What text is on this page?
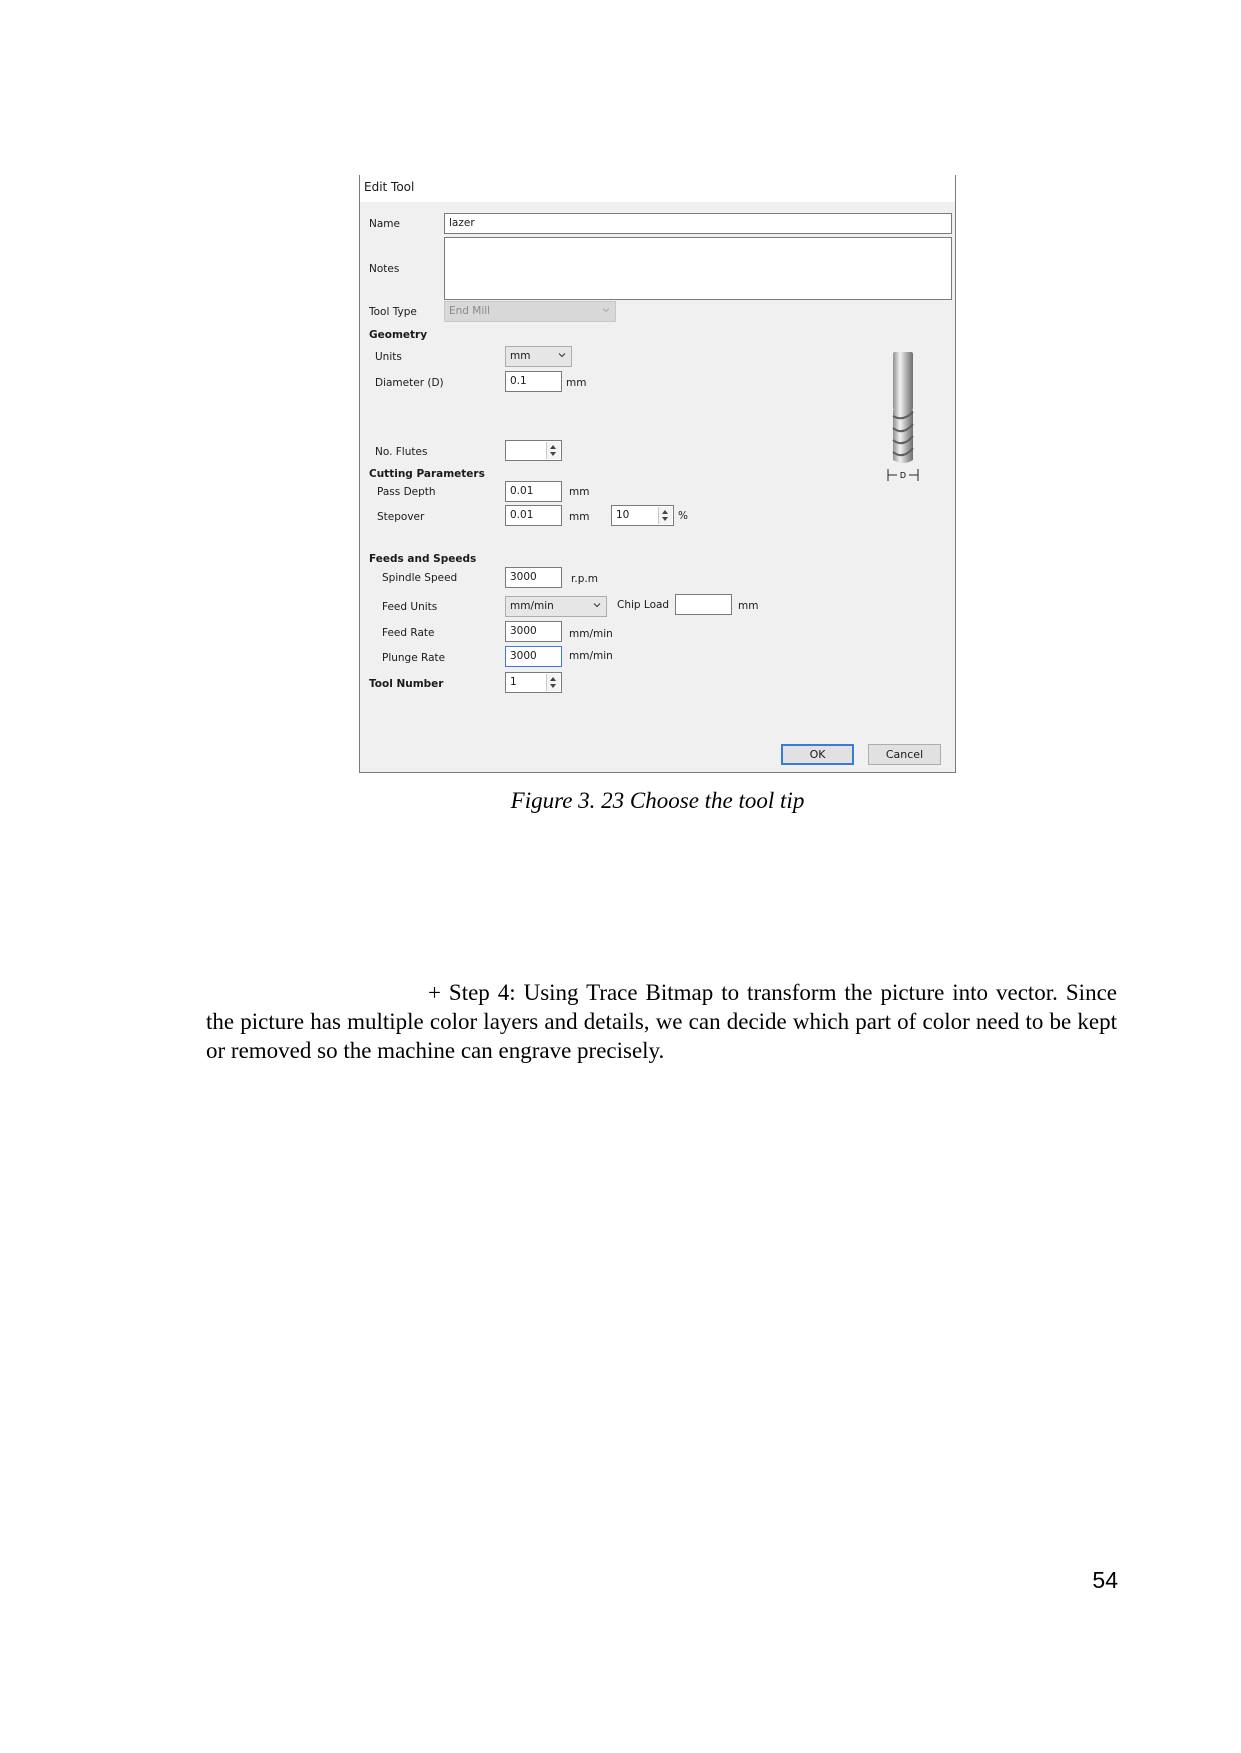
Edit Tool
Name	lazer
Notes
Tool Type	End Mill
Geometry
Units	mm
Diameter (D)	0.1	mm
D
No. Flutes
Cutting Parameters
Pass Depth	0.01	mm
Stepover	0.01	mm	10	%
Feeds and Speeds
Spindle Speed	3000	r.p.m
Feed Units	mm/min	Chip Load	mm
Feed Rate	3000	mm/min
Plunge Rate	3000	mm/min
Tool Number	1
OK	Cancel
Figure 3. 23 Choose the tool tip
+ Step 4: Using Trace Bitmap to transform the picture into vector. Since the picture has multiple color layers and details, we can decide which part of color need to be kept or removed so the machine can engrave precisely.
54
